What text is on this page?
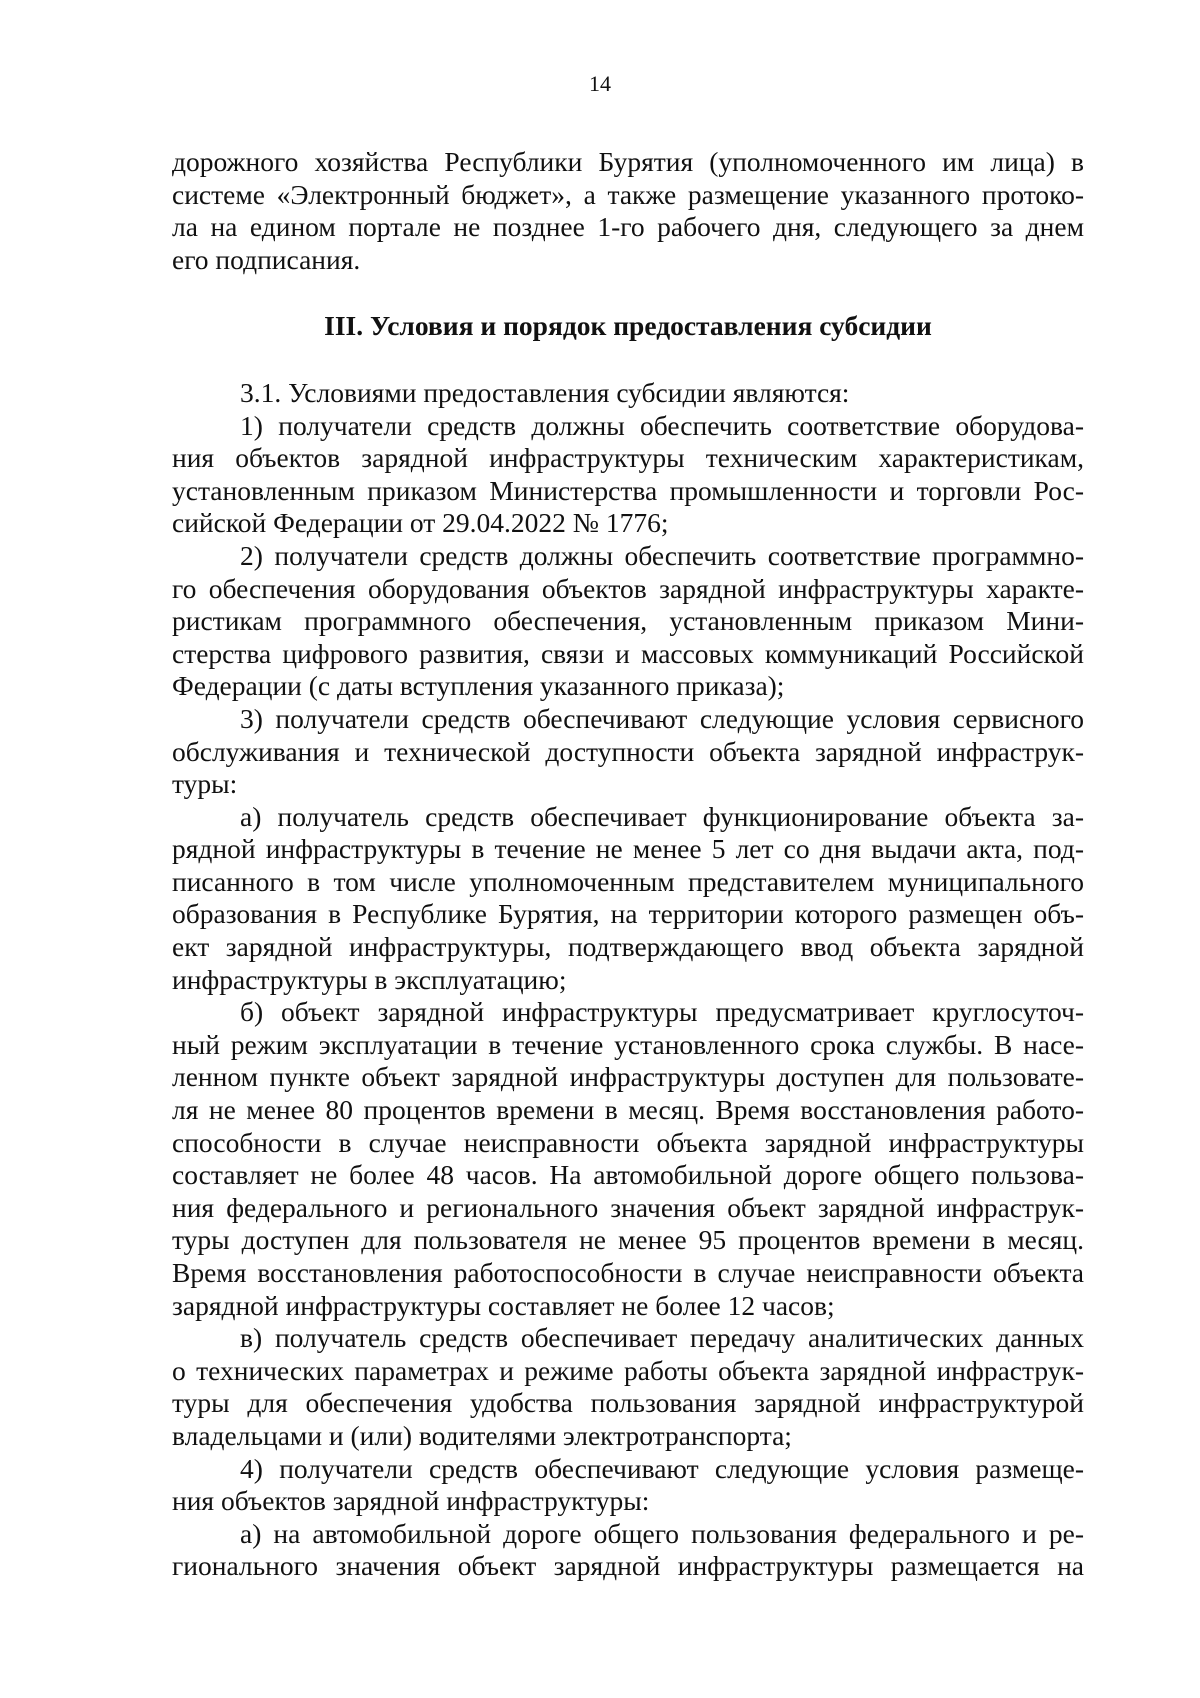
14
дорожного хозяйства Республики Бурятия (уполномоченного им лица) в
системе «Электронный бюджет», а также размещение указанного протоко-
ла на едином портале не позднее 1-го рабочего дня, следующего за днем
его подписания.
III. Условия и порядок предоставления субсидии
3.1. Условиями предоставления субсидии являются:
1) получатели средств должны обеспечить соответствие оборудова-
ния объектов зарядной инфраструктуры техническим характеристикам,
установленным приказом Министерства промышленности и торговли Рос-
сийской Федерации от 29.04.2022 № 1776;
2) получатели средств должны обеспечить соответствие программно-
го обеспечения оборудования объектов зарядной инфраструктуры характе-
ристикам программного обеспечения, установленным приказом Мини-
стерства цифрового развития, связи и массовых коммуникаций Российской
Федерации (с даты вступления указанного приказа);
3) получатели средств обеспечивают следующие условия сервисного
обслуживания и технической доступности объекта зарядной инфраструк-
туры:
а) получатель средств обеспечивает функционирование объекта за-
рядной инфраструктуры в течение не менее 5 лет со дня выдачи акта, под-
писанного в том числе уполномоченным представителем муниципального
образования в Республике Бурятия, на территории которого размещен объ-
ект зарядной инфраструктуры, подтверждающего ввод объекта зарядной
инфраструктуры в эксплуатацию;
б) объект зарядной инфраструктуры предусматривает круглосуточ-
ный режим эксплуатации в течение установленного срока службы. В насе-
ленном пункте объект зарядной инфраструктуры доступен для пользовате-
ля не менее 80 процентов времени в месяц. Время восстановления работо-
способности в случае неисправности объекта зарядной инфраструктуры
составляет не более 48 часов. На автомобильной дороге общего пользова-
ния федерального и регионального значения объект зарядной инфраструк-
туры доступен для пользователя не менее 95 процентов времени в месяц.
Время восстановления работоспособности в случае неисправности объекта
зарядной инфраструктуры составляет не более 12 часов;
в) получатель средств обеспечивает передачу аналитических данных
о технических параметрах и режиме работы объекта зарядной инфраструк-
туры для обеспечения удобства пользования зарядной инфраструктурой
владельцами и (или) водителями электротранспорта;
4) получатели средств обеспечивают следующие условия размеще-
ния объектов зарядной инфраструктуры:
а) на автомобильной дороге общего пользования федерального и ре-
гионального значения объект зарядной инфраструктуры размещается на
